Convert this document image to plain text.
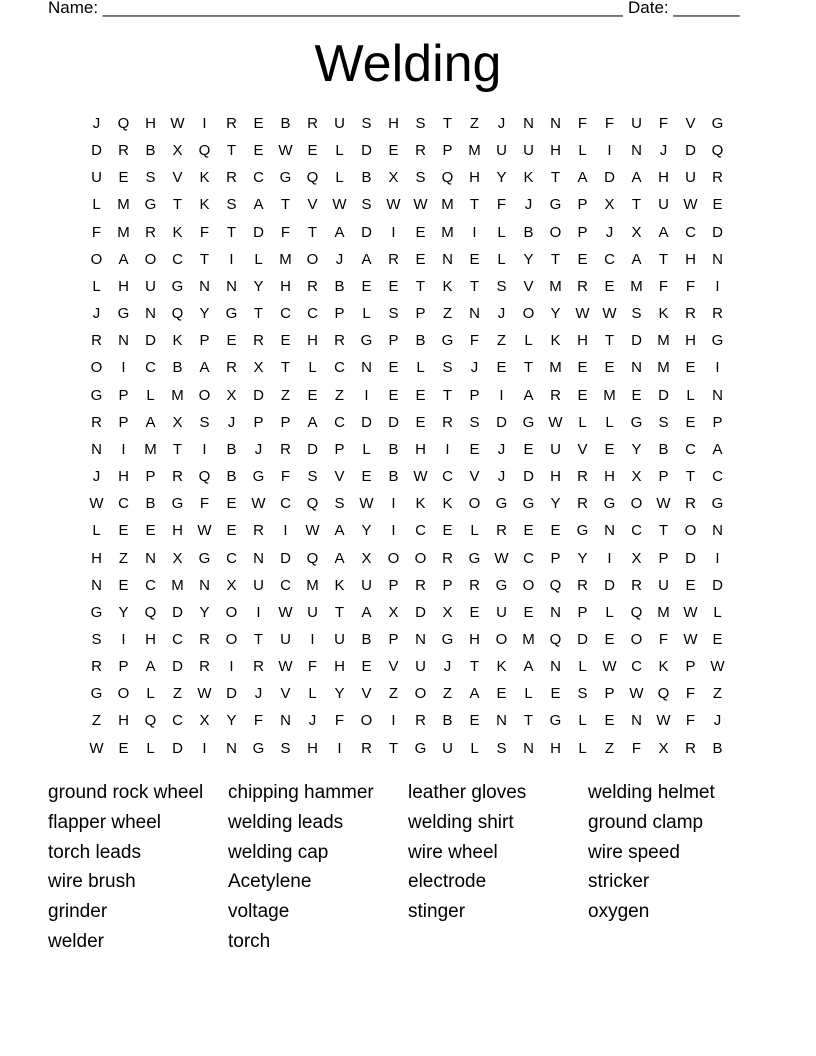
Name: _______________________________________________________ Date: _______
Welding
J	Q	H W	I	R	E	B	R	U	S	H	S	T	Z	J	N	N	F	F	U	F	V	G
D	R	B	X	Q	T	E W E	L	D	E	R	P	M	U	U	H	L	I	N	J	D	Q
U	E	S	V	K	R	C	G	Q	L	B	X	S	Q	H	Y	K	T	A	D	A	H	U	R
L	M G	T	K	S	A	T	V W S W W M	T	F	J	G	P	X	T	U W E
F	M	R	K	F	T	D	F	T	A	D	I	E	M	I	L	B	O	P	J	X	A	C	D
O	A	O	C	T	I	L	M O	J	A	R	E	N	E	L	Y	T	E	C	A	T	H	N
L	H	U	G	N	N	Y	H	R	B	E	E	T	K	T	S	V	M	R	E	M	F	F	I
J	G	N	Q	Y	G	T	C	C	P	L	S	P	Z	N	J	O	Y W W S	K	R	R
R	N	D	K	P	E	R	E	H	R	G	P	B	G	F	Z	L	K	H	T	D	M	H	G
O	I	C	B	A	R	X	T	L	C	N	E	L	S	J	E	T	M	E	E	N	M	E	I
G	P	L	M O	X	D	Z	E	Z	I	E	E	T	P	I	A	R	E	M	E	D	L	N
R	P	A	X	S	J	P	P	A	C	D	D	E	R	S	D	G W	L	L	G	S	E	P
N	I	M	T	I	B	J	R	D	P	L	B	H	I	E	J	E	U	V	E	Y	B	C	A
J	H	P	R	Q	B	G	F	S	V	E	B W C	V	J	D	H	R	H	X	P	T	C
W C	B	G	F	E W C	Q	S W	I	K	K	O	G	G	Y	R	G	O W R	G
L	E	E	H W E	R	I	W A	Y	I	C	E	L	R	E	E	G	N	C	T	O	N
H	Z	N	X	G	C	N	D	Q	A	X	O	O	R	G W C	P	Y	I	X	P	D	I
N	E	C	M	N	X	U	C	M	K	U	P	R	P	R	G	O	Q	R	D	R	U	E	D
G	Y	Q	D	Y	O	I	W U	T	A	X	D	X	E	U	E	N	P	L	Q M W	L
S	I	H	C	R	O	T	U	I	U	B	P	N	G	H	O M Q	D	E	O	F	W E
R	P	A	D	R	I	R W	F	H	E	V	U	J	T	K	A	N	L	W C	K	P W
G	O	L	Z	W D	J	V	L	Y	V	Z	O	Z	A	E	L	E	S	P W Q	F	Z
Z	H	Q	C	X	Y	F	N	J	F	O	I	R	B	E	N	T	G	L	E	N W	F	J
W E	L	D	I	N	G	S	H	I	R	T	G	U	L	S	N	H	L	Z	F	X	R	B
ground rock wheel	chipping hammer	leather gloves	welding helmet
flapper wheel	welding leads	welding shirt	ground clamp
torch leads	welding cap	wire wheel	wire speed
wire brush	Acetylene	electrode	stricker
grinder	voltage	stinger	oxygen
welder	torch
